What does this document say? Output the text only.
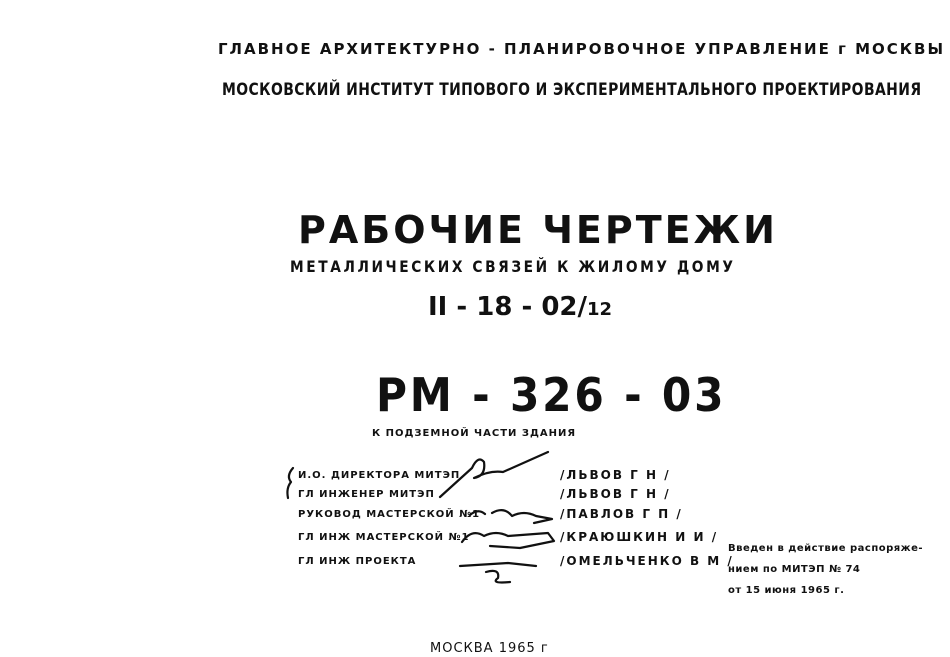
ГЛАВНОЕ АРХИТЕКТУРНО - ПЛАНИРОВОЧНОЕ УПРАВЛЕНИЕ г МОСКВЫ
МОСКОВСКИЙ ИНСТИТУТ ТИПОВОГО И ЭКСПЕРИМЕНТАЛЬНОГО ПРОЕКТИРОВАНИЯ
РАБОЧИЕ ЧЕРТЕЖИ
МЕТАЛЛИЧЕСКИХ СВЯЗЕЙ К ЖИЛОМУ ДОМУ
II - 18 - 02/12
РМ - 326 - 03
К ПОДЗЕМНОЙ ЧАСТИ ЗДАНИЯ
И.О. ДИРЕКТОРА МИТЭП	/ЛЬВОВ Г Н /
ГЛ ИНЖЕНЕР МИТЭП	/ЛЬВОВ Г Н /
РУКОВОД МАСТЕРСКОЙ №1	/ПАВЛОВ Г П /
ГЛ ИНЖ МАСТЕРСКОЙ №1	/КРАЮШКИН И И /
ГЛ ИНЖ ПРОЕКТА	/ОМЕЛЬЧЕНКО В М /
Введен в действие распоряже-
нием по МИТЭП № 74
от 15 июня 1965 г.
МОСКВА 1965 г
